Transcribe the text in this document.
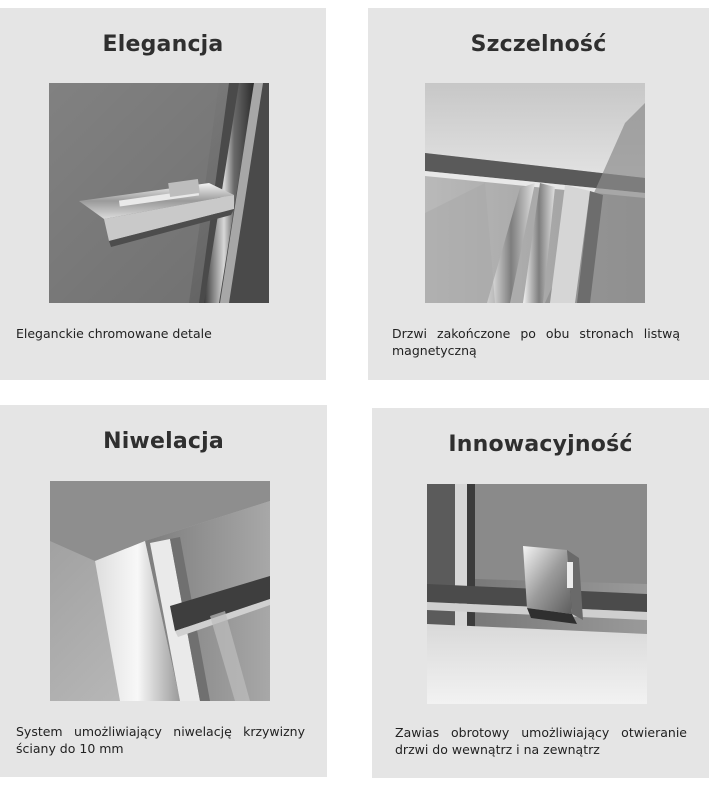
Elegancja
Eleganckie chromowane detale
Szczelność
Drzwi zakończone po obu stronach listwą magnetyczną
Niwelacja
System umożliwiający niwelację krzywizny ściany do 10 mm
Innowacyjność
Zawias obrotowy umożliwiający otwieranie drzwi do wewnątrz i na zewnątrz
